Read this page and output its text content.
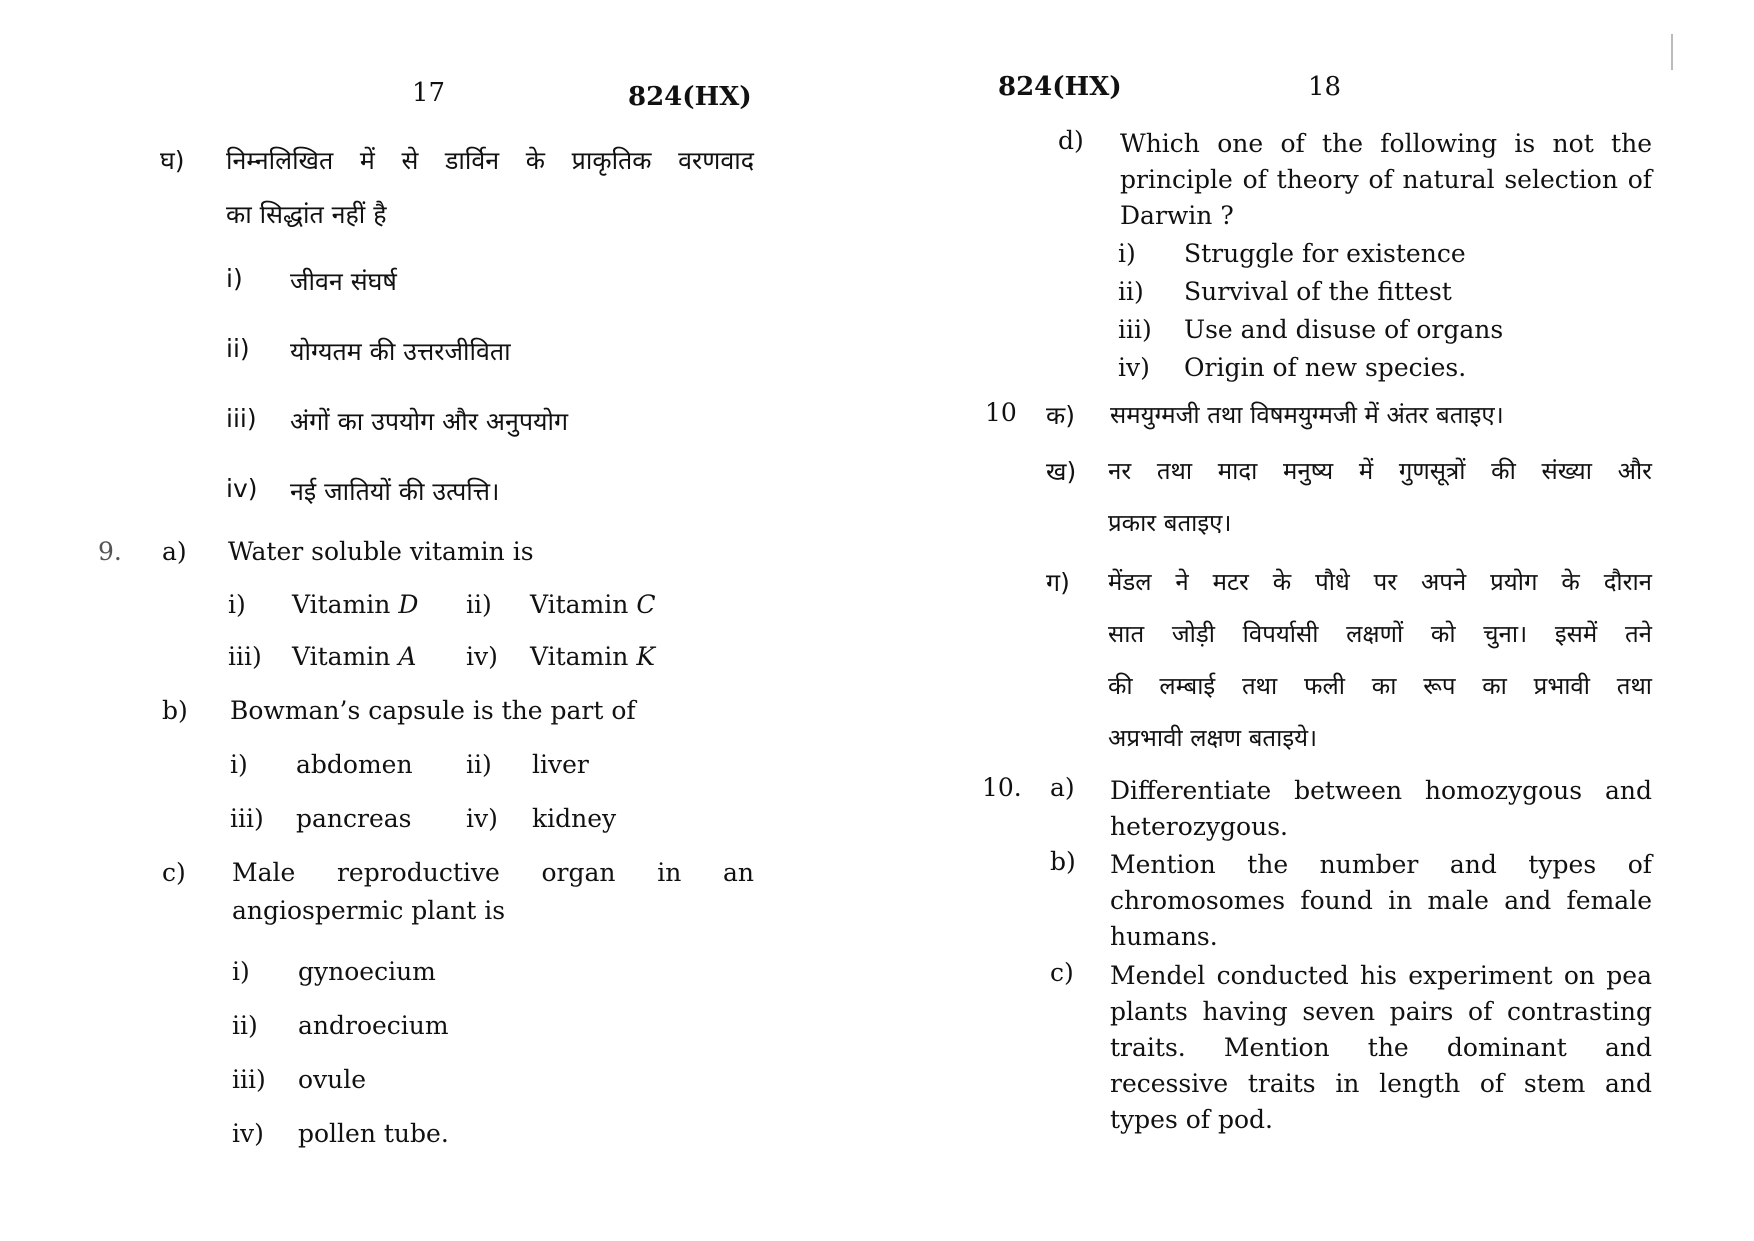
17	824(HX)
घ) निम्नलिखित में से डार्विन के प्राकृतिक वरणवाद
का सिद्धांत नहीं है
i) जीवन संघर्ष
ii) योग्यतम की उत्तरजीविता
iii) अंगों का उपयोग और अनुपयोग
iv) नई जातियों की उत्पत्ति।
9. a) Water soluble vitamin is
i) Vitamin D ii) Vitamin C
iii) Vitamin A iv) Vitamin K
b) Bowman’s capsule is the part of
i) abdomen ii) liver
iii) pancreas iv) kidney
c) Male reproductive organ in an
angiospermic plant is
i) gynoecium
ii) androecium
iii) ovule
iv) pollen tube.
824(HX)	18
d) Which one of the following is not the principle of theory of natural selection of Darwin ?
i) Struggle for existence
ii) Survival of the fittest
iii) Use and disuse of organs
iv) Origin of new species.
10 क) समयुग्मजी तथा विषमयुग्मजी में अंतर बताइए।
ख) नर तथा मादा मनुष्य में गुणसूत्रों की संख्या और
प्रकार बताइए।
ग) मेंडल ने मटर के पौधे पर अपने प्रयोग के दौरान
सात जोड़ी विपर्यासी लक्षणों को चुना। इसमें तने
की लम्बाई तथा फली का रूप का प्रभावी तथा
अप्रभावी लक्षण बताइये।
10. a) Differentiate between homozygous and heterozygous.
b) Mention the number and types of chromosomes found in male and female humans.
c) Mendel conducted his experiment on pea plants having seven pairs of contrasting traits. Mention the dominant and recessive traits in length of stem and types of pod.
